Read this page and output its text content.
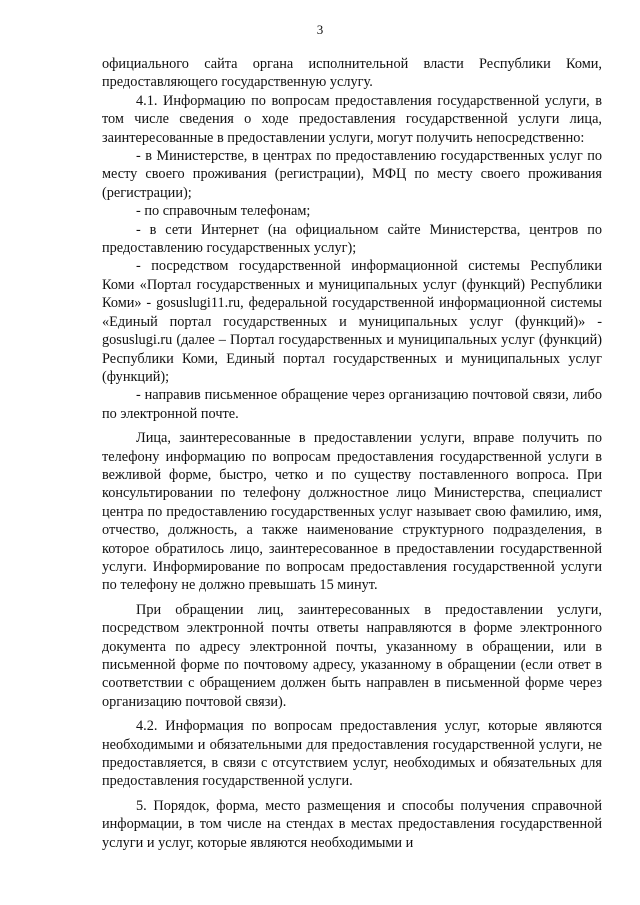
3

официального сайта органа исполнительной власти Республики Коми, предоставляющего государственную услугу.

4.1. Информацию по вопросам предоставления государственной услуги, в том числе сведения о ходе предоставления государственной услуги лица, заинтересованные в предоставлении услуги, могут получить непосредственно:

- в Министерстве, в центрах по предоставлению государственных услуг по месту своего проживания (регистрации), МФЦ по месту своего проживания (регистрации);

- по справочным телефонам;

- в сети Интернет (на официальном сайте Министерства, центров по предоставлению государственных услуг);

- посредством государственной информационной системы Республики Коми «Портал государственных и муниципальных услуг (функций) Республики Коми» - gosuslugi11.ru, федеральной государственной информационной системы «Единый портал государственных и муниципальных услуг (функций)» - gosuslugi.ru (далее – Портал государственных и муниципальных услуг (функций) Республики Коми, Единый портал государственных и муниципальных услуг (функций);

- направив письменное обращение через организацию почтовой связи, либо по электронной почте.

Лица, заинтересованные в предоставлении услуги, вправе получить по телефону информацию по вопросам предоставления государственной услуги в вежливой форме, быстро, четко и по существу поставленного вопроса. При консультировании по телефону должностное лицо Министерства, специалист центра по предоставлению государственных услуг называет свою фамилию, имя, отчество, должность, а также наименование структурного подразделения, в которое обратилось лицо, заинтересованное в предоставлении государственной услуги. Информирование по вопросам предоставления государственной услуги по телефону не должно превышать 15 минут.

При обращении лиц, заинтересованных в предоставлении услуги, посредством электронной почты ответы направляются в форме электронного документа по адресу электронной почты, указанному в обращении, или в письменной форме по почтовому адресу, указанному в обращении (если ответ в соответствии с обращением должен быть направлен в письменной форме через организацию почтовой связи).

4.2. Информация по вопросам предоставления услуг, которые являются необходимыми и обязательными для предоставления государственной услуги, не предоставляется, в связи с отсутствием услуг, необходимых и обязательных для предоставления государственной услуги.

5. Порядок, форма, место размещения и способы получения справочной информации, в том числе на стендах в местах предоставления государственной услуги и услуг, которые являются необходимыми и
